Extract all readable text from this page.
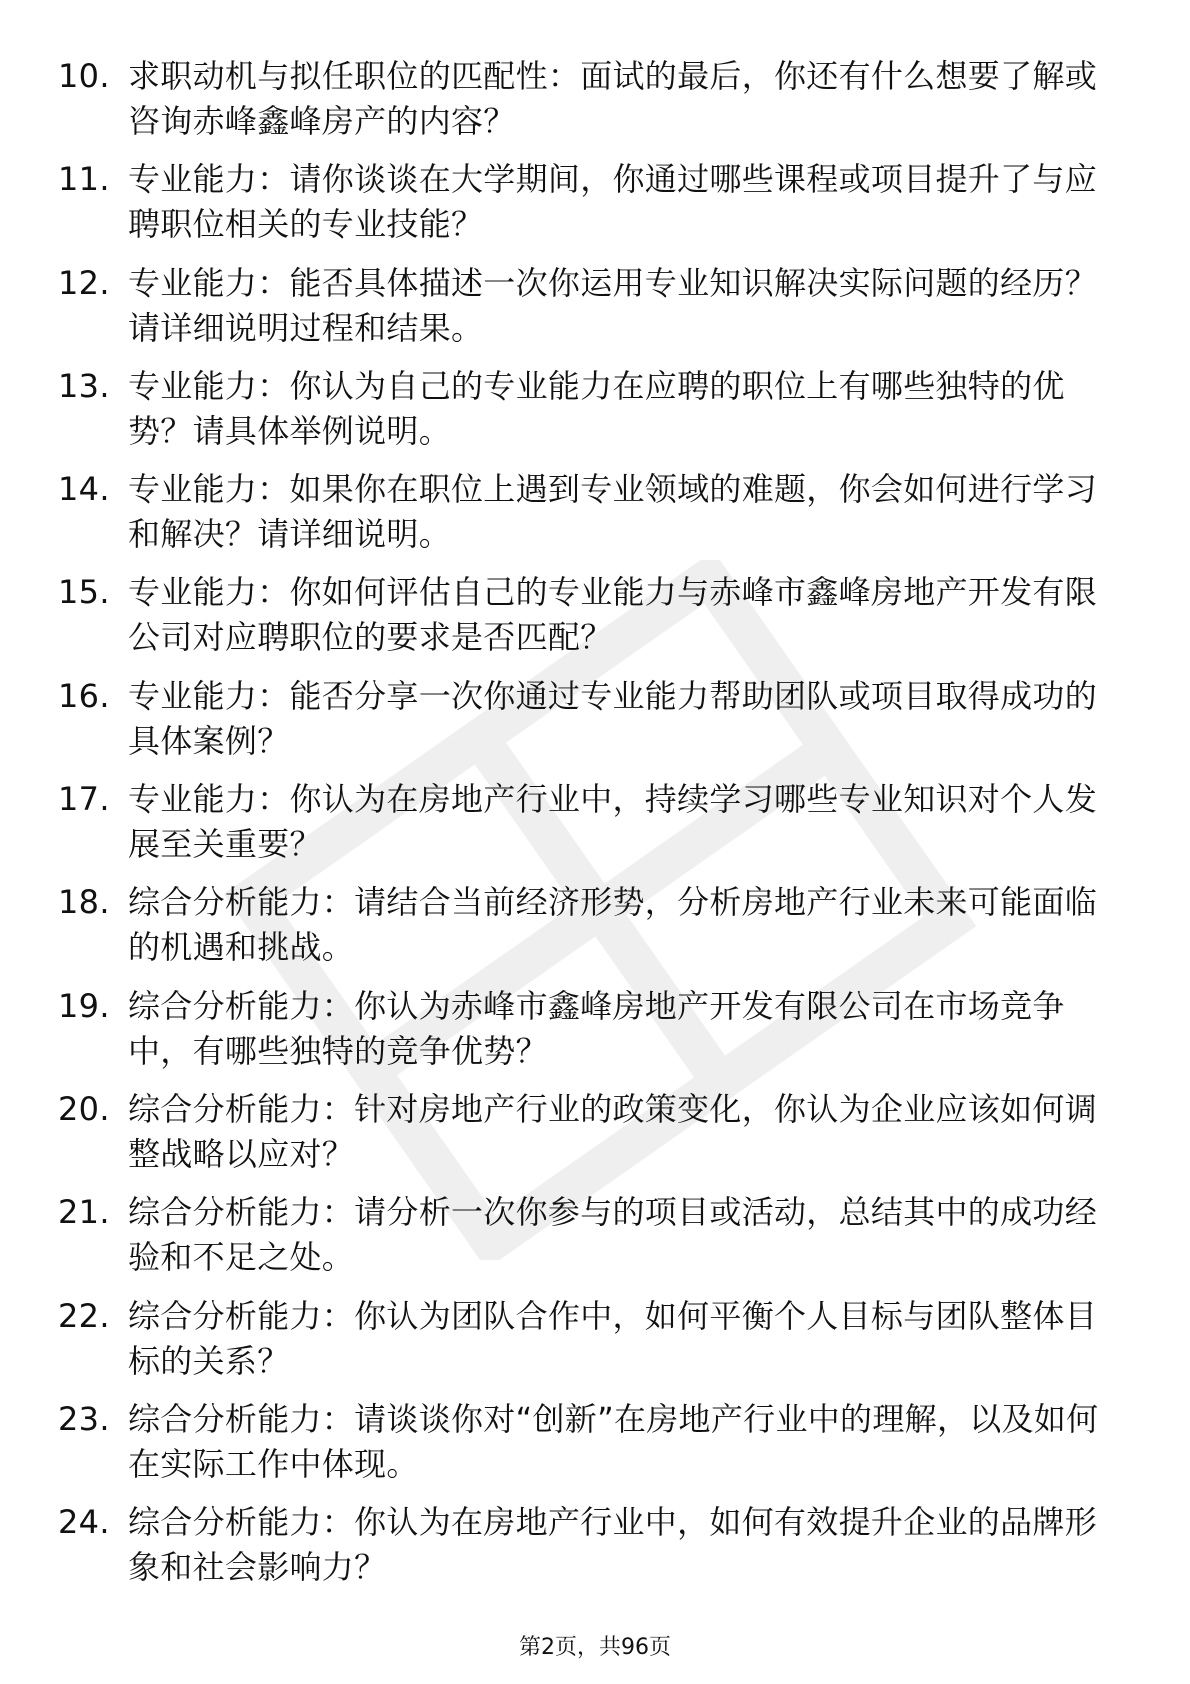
10. 求职动机与拟任职位的匹配性：面试的最后，你还有什么想要了解或咨询赤峰鑫峰房产的内容？
11. 专业能力：请你谈谈在大学期间，你通过哪些课程或项目提升了与应聘职位相关的专业技能？
12. 专业能力：能否具体描述一次你运用专业知识解决实际问题的经历？请详细说明过程和结果。
13. 专业能力：你认为自己的专业能力在应聘的职位上有哪些独特的优势？请具体举例说明。
14. 专业能力：如果你在职位上遇到专业领域的难题，你会如何进行学习和解决？请详细说明。
15. 专业能力：你如何评估自己的专业能力与赤峰市鑫峰房地产开发有限公司对应聘职位的要求是否匹配？
16. 专业能力：能否分享一次你通过专业能力帮助团队或项目取得成功的具体案例？
17. 专业能力：你认为在房地产行业中，持续学习哪些专业知识对个人发展至关重要？
18. 综合分析能力：请结合当前经济形势，分析房地产行业未来可能面临的机遇和挑战。
19. 综合分析能力：你认为赤峰市鑫峰房地产开发有限公司在市场竞争中，有哪些独特的竞争优势？
20. 综合分析能力：针对房地产行业的政策变化，你认为企业应该如何调整战略以应对？
21. 综合分析能力：请分析一次你参与的项目或活动，总结其中的成功经验和不足之处。
22. 综合分析能力：你认为团队合作中，如何平衡个人目标与团队整体目标的关系？
23. 综合分析能力：请谈谈你对“创新”在房地产行业中的理解，以及如何在实际工作中体现。
24. 综合分析能力：你认为在房地产行业中，如何有效提升企业的品牌形象和社会影响力？
第2页，共96页
